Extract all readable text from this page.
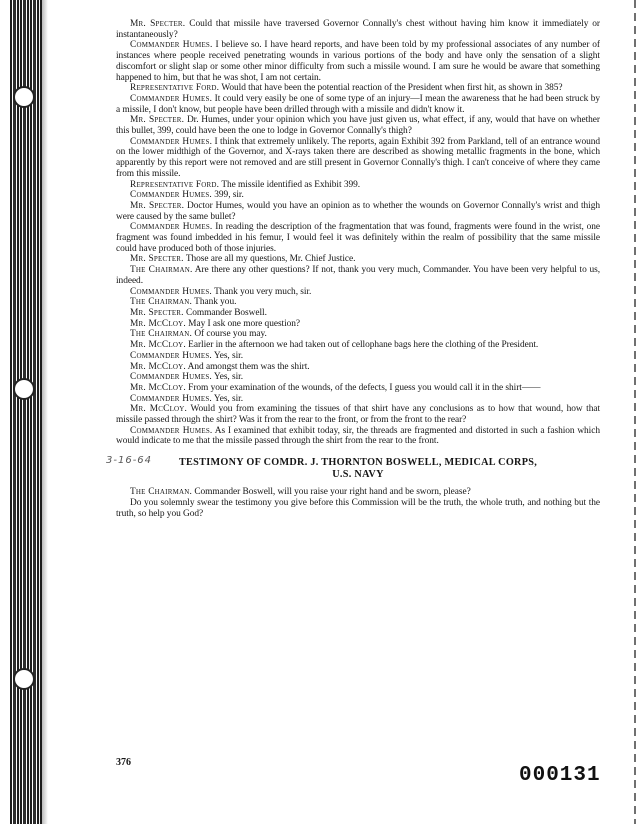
Mr. Specter. Could that missile have traversed Governor Connally's chest without having him know it immediately or instantaneously?

Commander Humes. I believe so. I have heard reports, and have been told by my professional associates of any number of instances where people received penetrating wounds in various portions of the body and have only the sensation of a slight discomfort or slight slap or some other minor difficulty from such a missile wound. I am sure he would be aware that something happened to him, but that he was shot, I am not certain.

Representative Ford. Would that have been the potential reaction of the President when first hit, as shown in 385?

Commander Humes. It could very easily be one of some type of an injury—I mean the awareness that he had been struck by a missile, I don't know, but people have been drilled through with a missile and didn't know it.

Mr. Specter. Dr. Humes, under your opinion which you have just given us, what effect, if any, would that have on whether this bullet, 399, could have been the one to lodge in Governor Connally's thigh?

Commander Humes. I think that extremely unlikely. The reports, again Exhibit 392 from Parkland, tell of an entrance wound on the lower midthigh of the Governor, and X-rays taken there are described as showing metallic fragments in the bone, which apparently by this report were not removed and are still present in Governor Connally's thigh. I can't conceive of where they came from this missile.

Representative Ford. The missile identified as Exhibit 399.

Commander Humes. 399, sir.

Mr. Specter. Doctor Humes, would you have an opinion as to whether the wounds on Governor Connally's wrist and thigh were caused by the same bullet?

Commander Humes. In reading the description of the fragmentation that was found, fragments were found in the wrist, one fragment was found imbedded in his femur, I would feel it was definitely within the realm of possibility that the same missile could have produced both of those injuries.

Mr. Specter. Those are all my questions, Mr. Chief Justice.

The Chairman. Are there any other questions? If not, thank you very much, Commander. You have been very helpful to us, indeed.

Commander Humes. Thank you very much, sir.

The Chairman. Thank you.

Mr. Specter. Commander Boswell.

Mr. McCloy. May I ask one more question?

The Chairman. Of course you may.

Mr. McCloy. Earlier in the afternoon we had taken out of cellophane bags here the clothing of the President.

Commander Humes. Yes, sir.

Mr. McCloy. And amongst them was the shirt.

Commander Humes. Yes, sir.

Mr. McCloy. From your examination of the wounds, of the defects, I guess you would call it in the shirt——

Commander Humes. Yes, sir.

Mr. McCloy. Would you from examining the tissues of that shirt have any conclusions as to how that wound, how that missile passed through the shirt? Was it from the rear to the front, or from the front to the rear?

Commander Humes. As I examined that exhibit today, sir, the threads are fragmented and distorted in such a fashion which would indicate to me that the missile passed through the shirt from the rear to the front.

3-16-64	TESTIMONY OF COMDR. J. THORNTON BOSWELL, MEDICAL CORPS,
U.S. NAVY

The Chairman. Commander Boswell, will you raise your right hand and be sworn, please?

Do you solemnly swear the testimony you give before this Commission will be the truth, the whole truth, and nothing but the truth, so help you God?

376
000131
